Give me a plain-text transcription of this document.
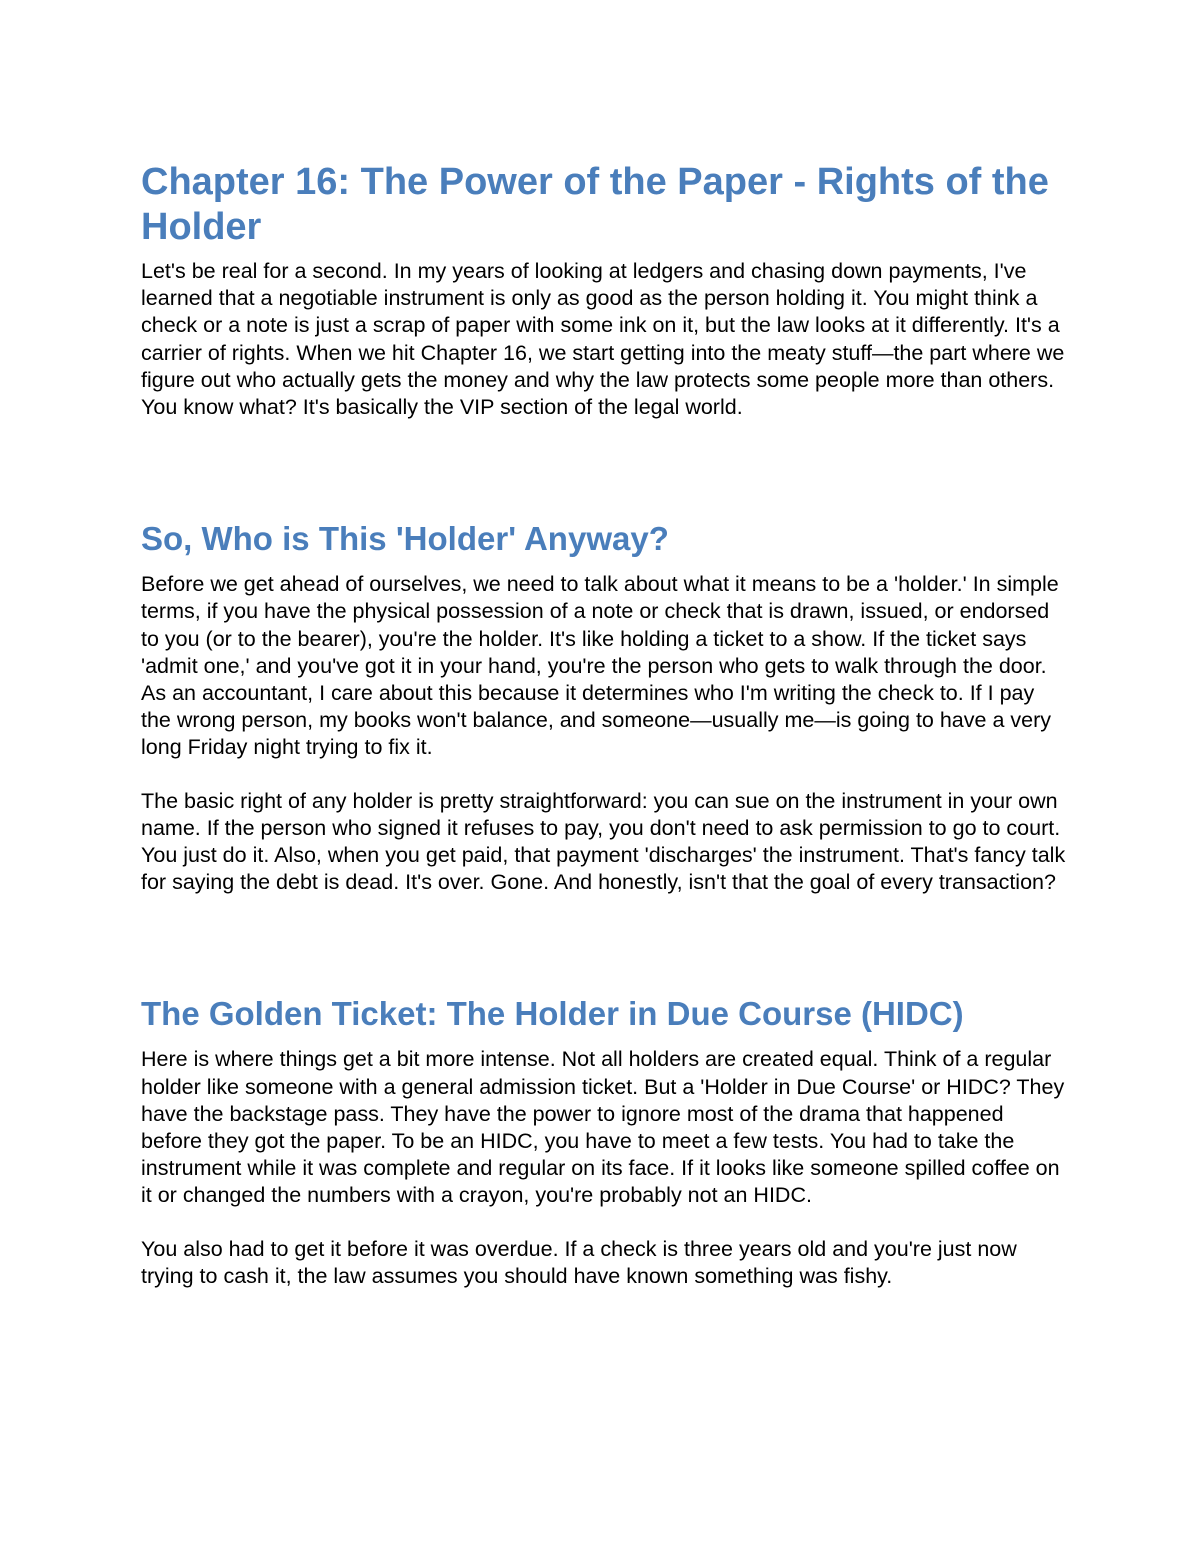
Chapter 16: The Power of the Paper - Rights of the Holder

Let's be real for a second. In my years of looking at ledgers and chasing down payments, I've learned that a negotiable instrument is only as good as the person holding it. You might think a check or a note is just a scrap of paper with some ink on it, but the law looks at it differently. It's a carrier of rights. When we hit Chapter 16, we start getting into the meaty stuff—the part where we figure out who actually gets the money and why the law protects some people more than others. You know what? It's basically the VIP section of the legal world.

So, Who is This 'Holder' Anyway?

Before we get ahead of ourselves, we need to talk about what it means to be a 'holder.' In simple terms, if you have the physical possession of a note or check that is drawn, issued, or endorsed to you (or to the bearer), you're the holder. It's like holding a ticket to a show. If the ticket says 'admit one,' and you've got it in your hand, you're the person who gets to walk through the door. As an accountant, I care about this because it determines who I'm writing the check to. If I pay the wrong person, my books won't balance, and someone—usually me—is going to have a very long Friday night trying to fix it.

The basic right of any holder is pretty straightforward: you can sue on the instrument in your own name. If the person who signed it refuses to pay, you don't need to ask permission to go to court. You just do it. Also, when you get paid, that payment 'discharges' the instrument. That's fancy talk for saying the debt is dead. It's over. Gone. And honestly, isn't that the goal of every transaction?

The Golden Ticket: The Holder in Due Course (HIDC)

Here is where things get a bit more intense. Not all holders are created equal. Think of a regular holder like someone with a general admission ticket. But a 'Holder in Due Course' or HIDC? They have the backstage pass. They have the power to ignore most of the drama that happened before they got the paper. To be an HIDC, you have to meet a few tests. You had to take the instrument while it was complete and regular on its face. If it looks like someone spilled coffee on it or changed the numbers with a crayon, you're probably not an HIDC.

You also had to get it before it was overdue. If a check is three years old and you're just now trying to cash it, the law assumes you should have known something was fishy.
